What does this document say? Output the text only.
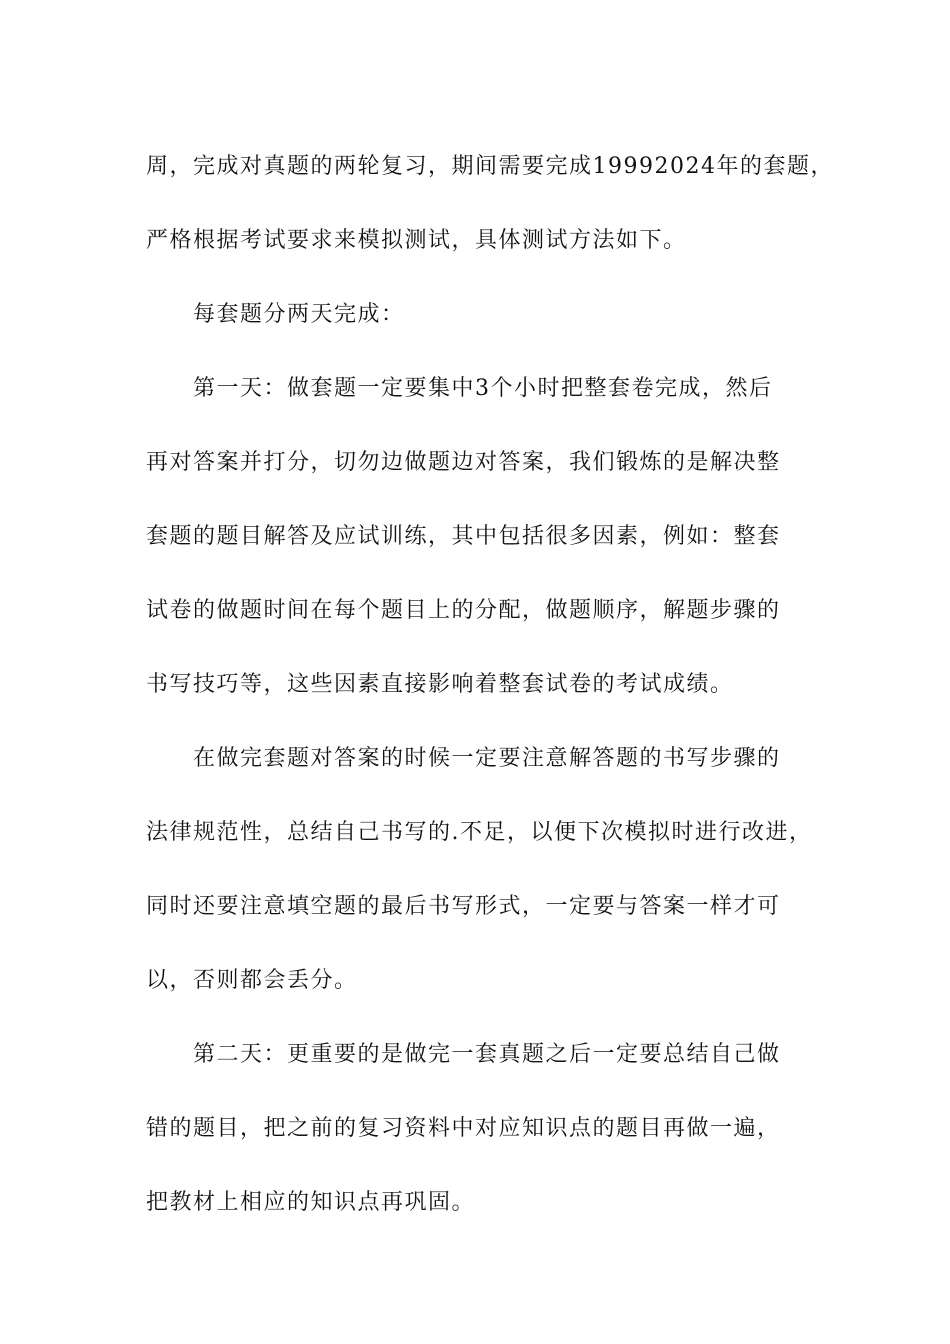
周，完成对真题的两轮复习，期间需要完成19992024年的套题，
严格根据考试要求来模拟测试，具体测试方法如下。
每套题分两天完成：
第一天：做套题一定要集中3个小时把整套卷完成，然后
再对答案并打分，切勿边做题边对答案，我们锻炼的是解决整
套题的题目解答及应试训练，其中包括很多因素，例如：整套
试卷的做题时间在每个题目上的分配，做题顺序，解题步骤的
书写技巧等，这些因素直接影响着整套试卷的考试成绩。
在做完套题对答案的时候一定要注意解答题的书写步骤的
法律规范性，总结自己书写的.不足，以便下次模拟时进行改进，
同时还要注意填空题的最后书写形式，一定要与答案一样才可
以，否则都会丢分。
第二天：更重要的是做完一套真题之后一定要总结自己做
错的题目，把之前的复习资料中对应知识点的题目再做一遍，
把教材上相应的知识点再巩固。
